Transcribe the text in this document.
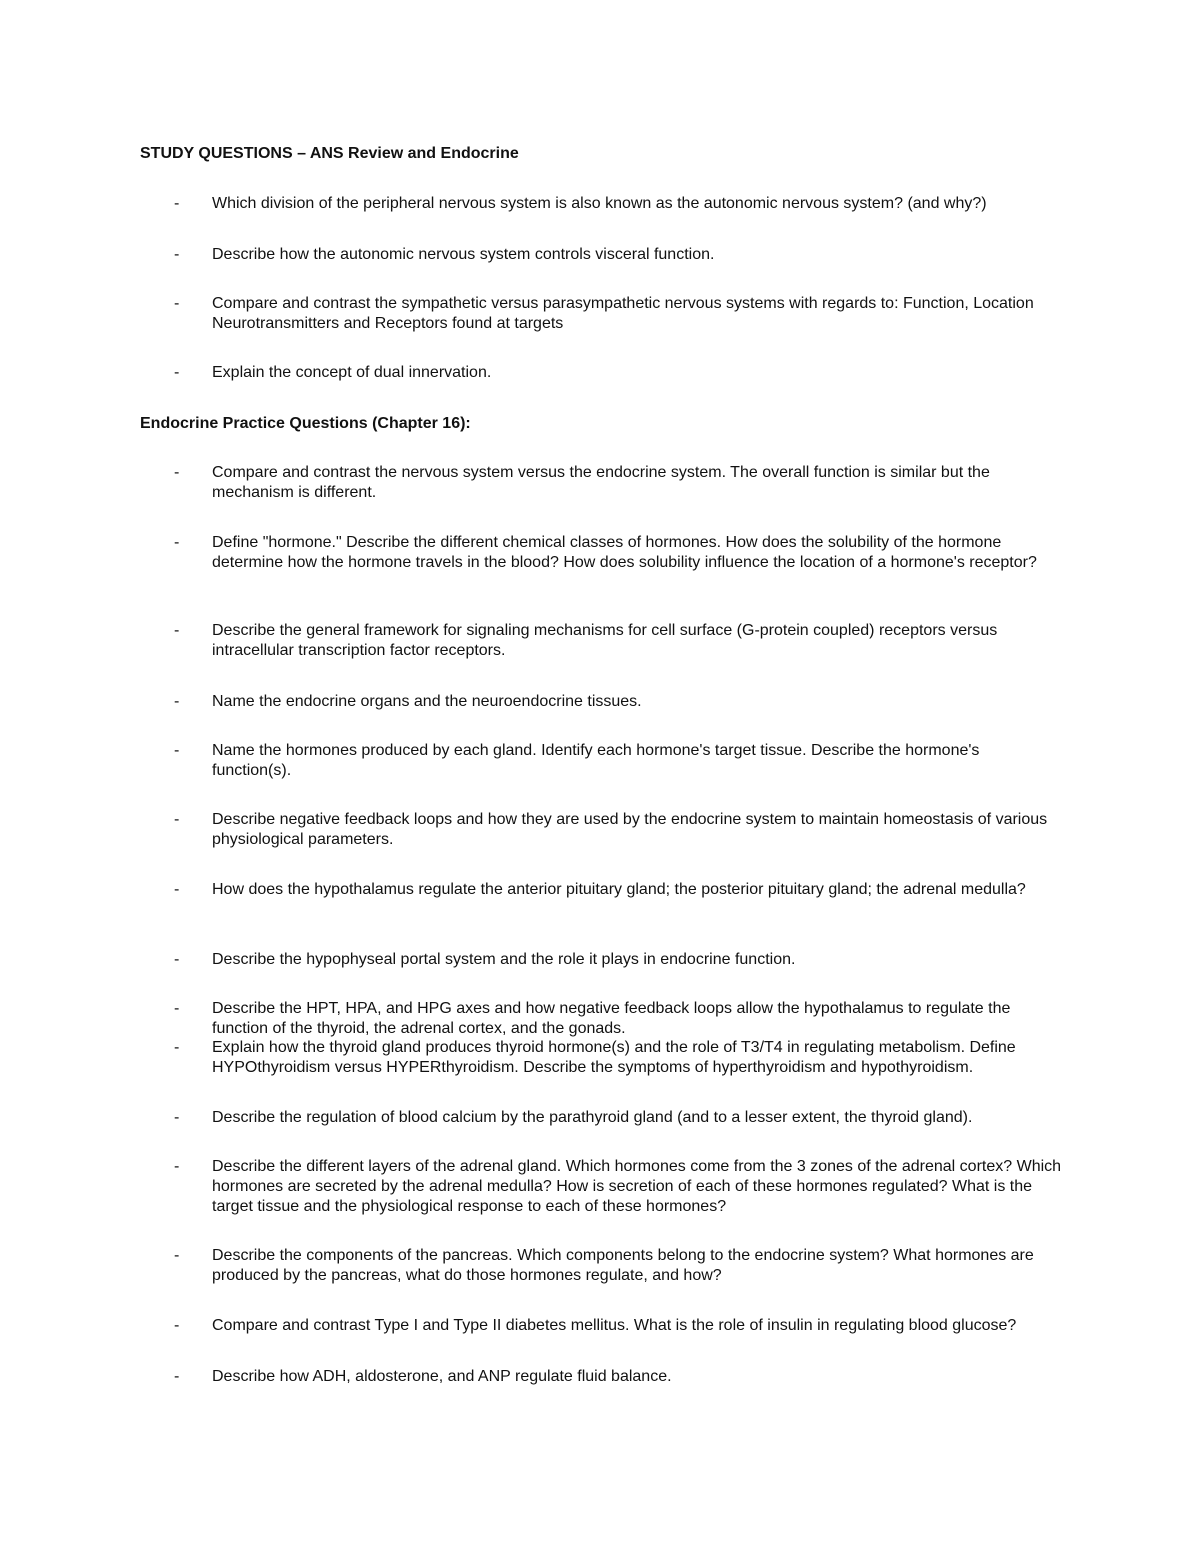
STUDY QUESTIONS – ANS Review and Endocrine
- Which division of the peripheral nervous system is also known as the autonomic nervous system? (and why?)
- Describe how the autonomic nervous system controls visceral function.
- Compare and contrast the sympathetic versus parasympathetic nervous systems with regards to: Function, Location Neurotransmitters and Receptors found at targets
- Explain the concept of dual innervation.
Endocrine Practice Questions (Chapter 16):
- Compare and contrast the nervous system versus the endocrine system. The overall function is similar but the mechanism is different.
- Define "hormone." Describe the different chemical classes of hormones. How does the solubility of the hormone determine how the hormone travels in the blood? How does solubility influence the location of a hormone's receptor?
- Describe the general framework for signaling mechanisms for cell surface (G-protein coupled) receptors versus intracellular transcription factor receptors.
- Name the endocrine organs and the neuroendocrine tissues.
- Name the hormones produced by each gland. Identify each hormone's target tissue. Describe the hormone's function(s).
- Describe negative feedback loops and how they are used by the endocrine system to maintain homeostasis of various physiological parameters.
- How does the hypothalamus regulate the anterior pituitary gland; the posterior pituitary gland; the adrenal medulla?
- Describe the hypophyseal portal system and the role it plays in endocrine function.
- Describe the HPT, HPA, and HPG axes and how negative feedback loops allow the hypothalamus to regulate the function of the thyroid, the adrenal cortex, and the gonads.
- Explain how the thyroid gland produces thyroid hormone(s) and the role of T3/T4 in regulating metabolism. Define HYPOthyroidism versus HYPERthyroidism. Describe the symptoms of hyperthyroidism and hypothyroidism.
- Describe the regulation of blood calcium by the parathyroid gland (and to a lesser extent, the thyroid gland).
- Describe the different layers of the adrenal gland. Which hormones come from the 3 zones of the adrenal cortex? Which hormones are secreted by the adrenal medulla? How is secretion of each of these hormones regulated? What is the target tissue and the physiological response to each of these hormones?
- Describe the components of the pancreas. Which components belong to the endocrine system? What hormones are produced by the pancreas, what do those hormones regulate, and how?
- Compare and contrast Type I and Type II diabetes mellitus. What is the role of insulin in regulating blood glucose?
- Describe how ADH, aldosterone, and ANP regulate fluid balance.
